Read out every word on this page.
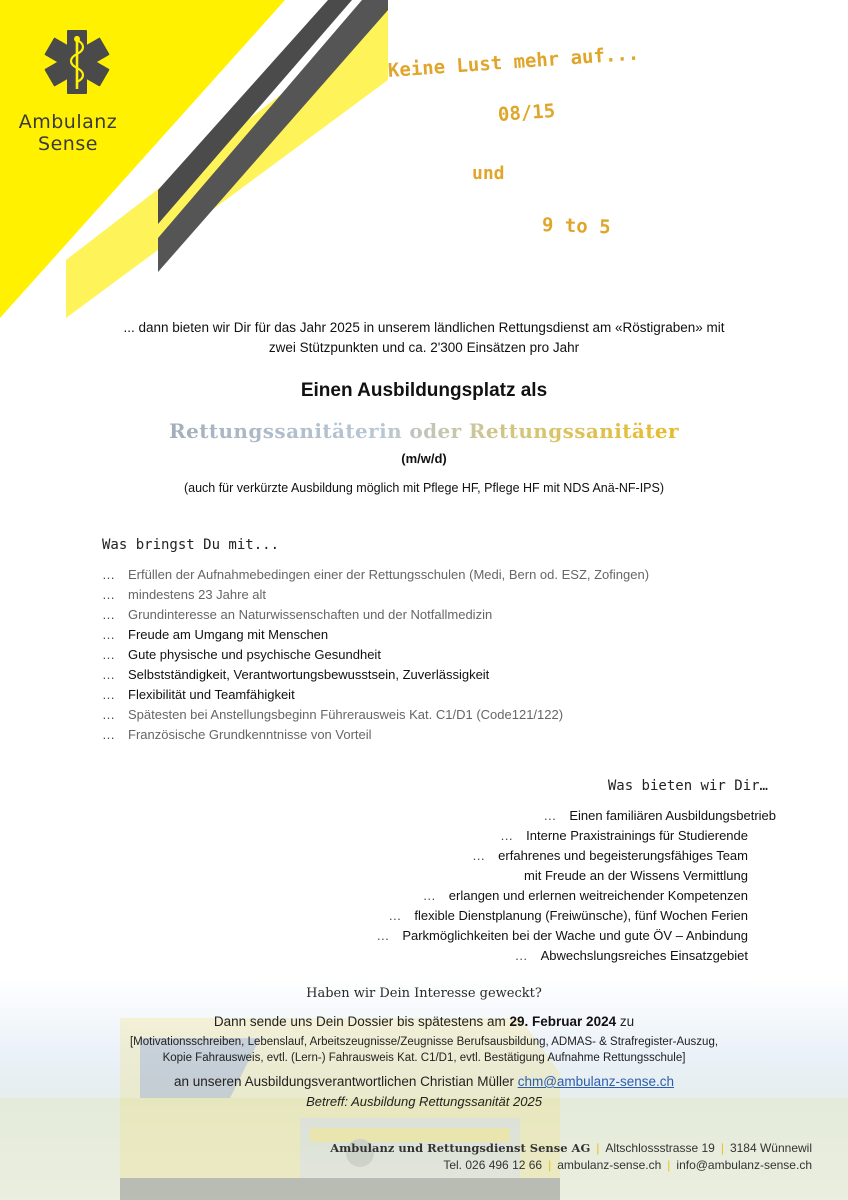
Ambulanz
Sense
Keine Lust mehr auf...
08/15
und
9 to 5
... dann bieten wir Dir für das Jahr 2025 in unserem ländlichen Rettungsdienst am «Röstigraben» mit
zwei Stützpunkten und ca. 2'300 Einsätzen pro Jahr
Einen Ausbildungsplatz als
Rettungssanitäterin oder Rettungssanitäter
(m/w/d)
(auch für verkürzte Ausbildung möglich mit Pflege HF, Pflege HF mit NDS Anä-NF-IPS)
Was bringst Du mit...
… Erfüllen der Aufnahmebedingen einer der Rettungsschulen (Medi, Bern od. ESZ, Zofingen)
… mindestens 23 Jahre alt
… Grundinteresse an Naturwissenschaften und der Notfallmedizin
… Freude am Umgang mit Menschen
… Gute physische und psychische Gesundheit
… Selbstständigkeit, Verantwortungsbewusstsein, Zuverlässigkeit
… Flexibilität und Teamfähigkeit
… Spätesten bei Anstellungsbeginn Führerausweis Kat. C1/D1 (Code121/122)
… Französische Grundkenntnisse von Vorteil
Was bieten wir Dir…
… Einen familiären Ausbildungsbetrieb
… Interne Praxistrainings für Studierende
… erfahrenes und begeisterungsfähiges Team
mit Freude an der Wissens Vermittlung
… erlangen und erlernen weitreichender Kompetenzen
… flexible Dienstplanung (Freiwünsche), fünf Wochen Ferien
… Parkmöglichkeiten bei der Wache und gute ÖV – Anbindung
… Abwechslungsreiches Einsatzgebiet
Haben wir Dein Interesse geweckt?
Dann sende uns Dein Dossier bis spätestens am 29. Februar 2024 zu
[Motivationsschreiben, Lebenslauf, Arbeitszeugnisse/Zeugnisse Berufsausbildung, ADMAS- & Strafregister-Auszug,
Kopie Fahrausweis, evtl. (Lern-) Fahrausweis Kat. C1/D1, evtl. Bestätigung Aufnahme Rettungsschule]
an unseren Ausbildungsverantwortlichen Christian Müller chm@ambulanz-sense.ch
Betreff: Ausbildung Rettungssanität 2025
Ambulanz und Rettungsdienst Sense AG | Altschlossstrasse 19 | 3184 Wünnewil
Tel. 026 496 12 66 | ambulanz-sense.ch | info@ambulanz-sense.ch
